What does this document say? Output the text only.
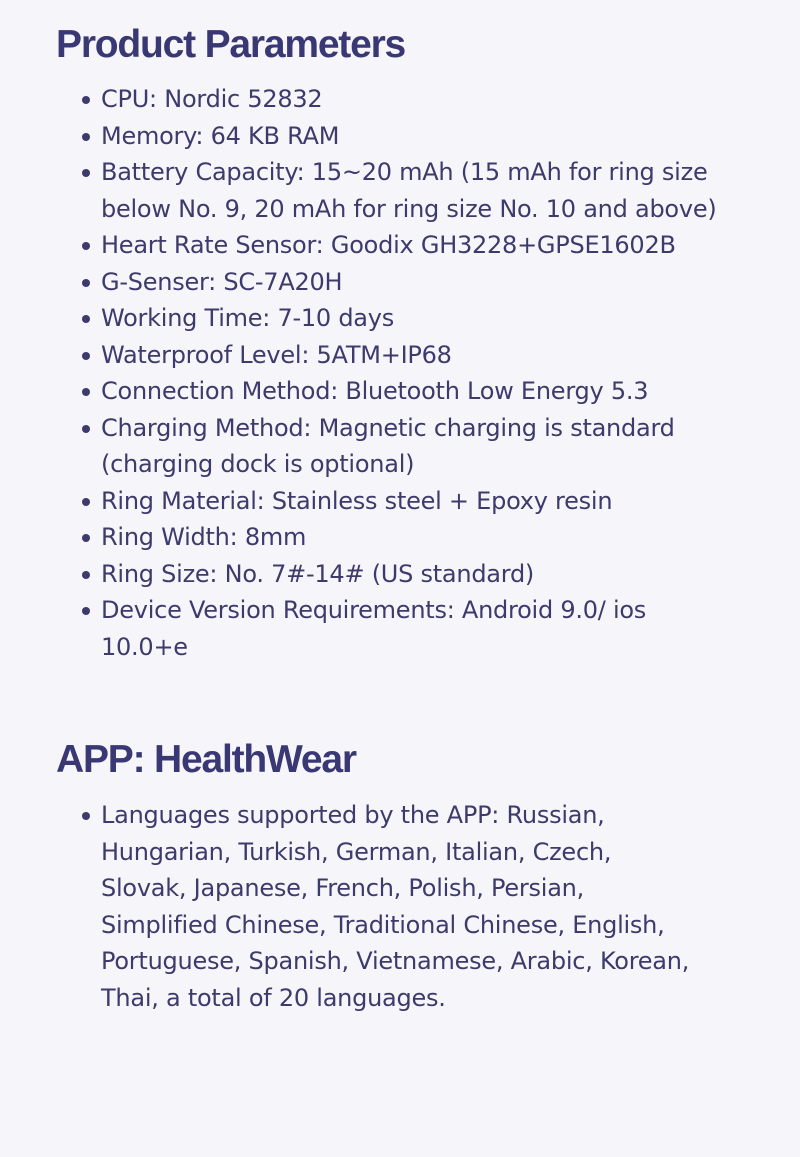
Product Parameters
CPU: Nordic 52832
Memory: 64 KB RAM
Battery Capacity: 15~20 mAh (15 mAh for ring size below No. 9, 20 mAh for ring size No. 10 and above)
Heart Rate Sensor: Goodix GH3228+GPSE1602B
G-Senser: SC-7A20H
Working Time: 7-10 days
Waterproof Level: 5ATM+IP68
Connection Method: Bluetooth Low Energy 5.3
Charging Method: Magnetic charging is standard (charging dock is optional)
Ring Material: Stainless steel + Epoxy resin
Ring Width: 8mm
Ring Size: No. 7#-14# (US standard)
Device Version Requirements: Android 9.0/ ios 10.0+e
APP: HealthWear
Languages supported by the APP: Russian, Hungarian, Turkish, German, Italian, Czech, Slovak, Japanese, French, Polish, Persian, Simplified Chinese, Traditional Chinese, English, Portuguese, Spanish, Vietnamese, Arabic, Korean, Thai, a total of 20 languages.
